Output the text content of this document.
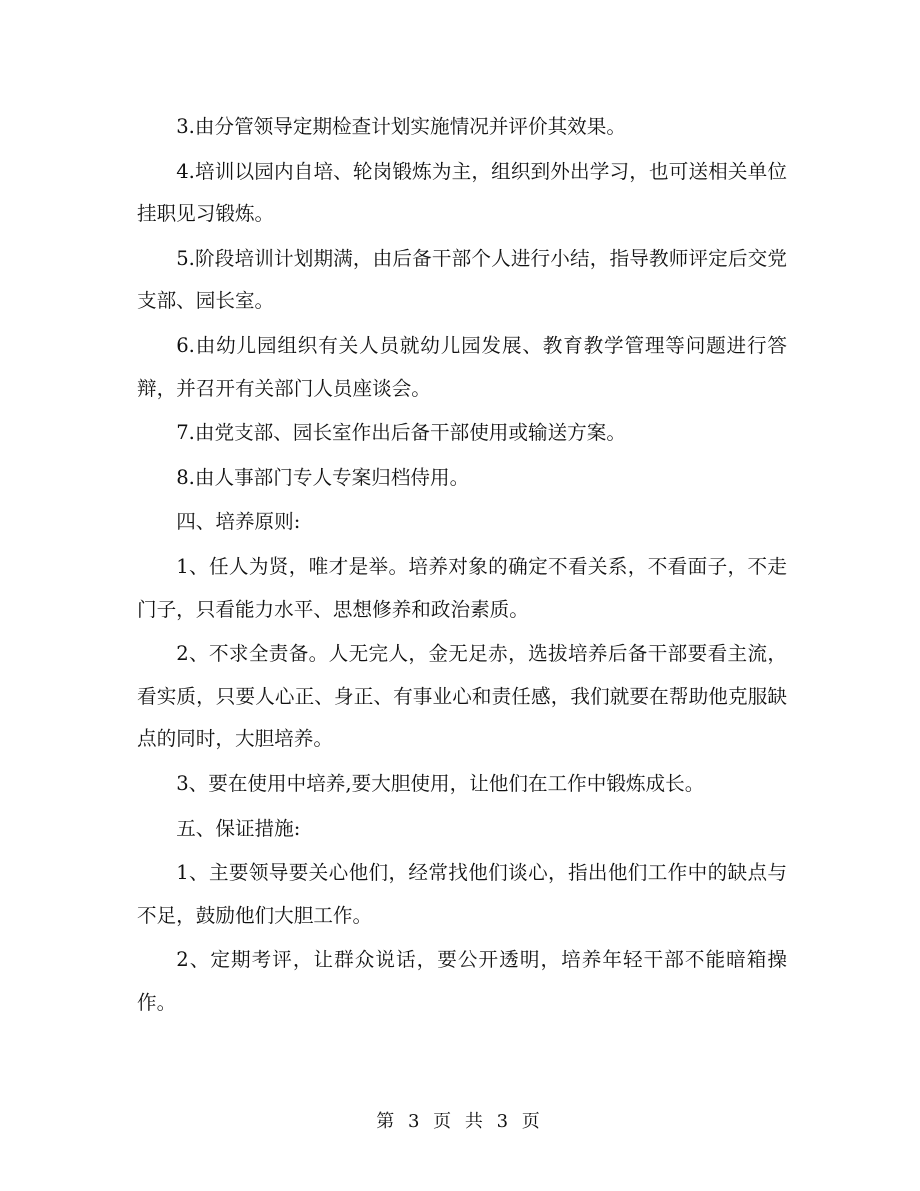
3.由分管领导定期检查计划实施情况并评价其效果。

4.培训以园内自培、轮岗锻炼为主，组织到外出学习，也可送相关单位挂职见习锻炼。

5.阶段培训计划期满，由后备干部个人进行小结，指导教师评定后交党支部、园长室。

6.由幼儿园组织有关人员就幼儿园发展、教育教学管理等问题进行答辩，并召开有关部门人员座谈会。

7.由党支部、园长室作出后备干部使用或输送方案。

8.由人事部门专人专案归档侍用。

四、培养原则:

1、任人为贤，唯才是举。培养对象的确定不看关系，不看面子，不走门子，只看能力水平、思想修养和政治素质。

2、不求全责备。人无完人，金无足赤，选拔培养后备干部要看主流，看实质，只要人心正、身正、有事业心和责任感，我们就要在帮助他克服缺点的同时，大胆培养。

3、要在使用中培养,要大胆使用，让他们在工作中锻炼成长。

五、保证措施:

1、主要领导要关心他们，经常找他们谈心，指出他们工作中的缺点与不足，鼓励他们大胆工作。

2、定期考评，让群众说话，要公开透明，培养年轻干部不能暗箱操作。

第 3 页 共 3 页
